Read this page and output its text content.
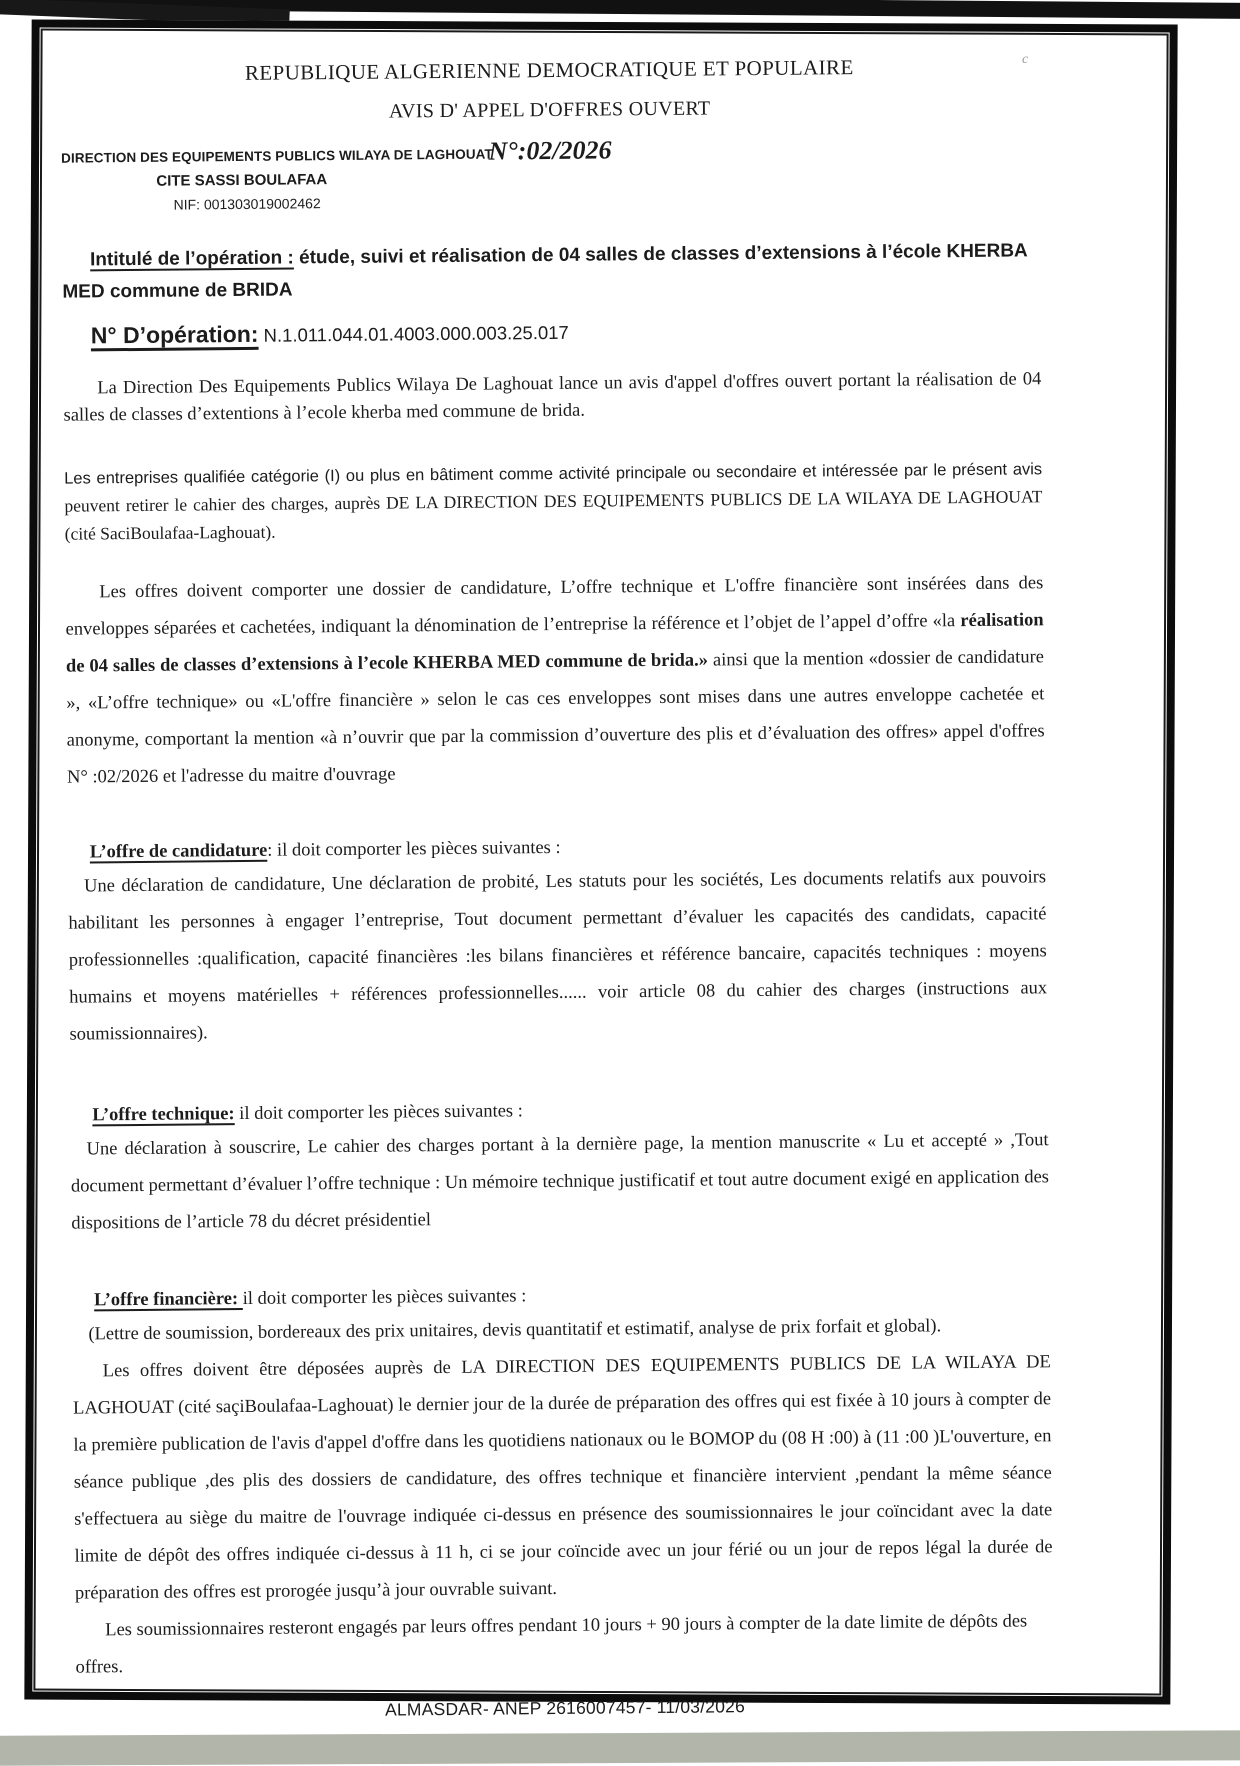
c

REPUBLIQUE ALGERIENNE DEMOCRATIQUE ET POPULAIRE

AVIS D' APPEL D'OFFRES OUVERT

N°:02/2026

DIRECTION DES EQUIPEMENTS PUBLICS WILAYA DE LAGHOUAT
CITE SASSI BOULAFAA
NIF: 001303019002462

Intitulé de l’opération : étude, suivi et réalisation de 04 salles de classes d’extensions à l’école KHERBA MED commune de BRIDA

N° D’opération: N.1.011.044.01.4003.000.003.25.017

La Direction Des Equipements Publics Wilaya De Laghouat lance un avis d'appel d'offres ouvert portant la réalisation de 04 salles de classes d’extentions à l’ecole kherba med commune de brida.

Les entreprises qualifiée catégorie (I) ou plus en bâtiment comme activité principale ou secondaire et intéressée par le présent avis peuvent retirer le cahier des charges, auprès DE LA DIRECTION DES EQUIPEMENTS PUBLICS DE LA WILAYA DE LAGHOUAT (cité SaciBoulafaa-Laghouat).

Les offres doivent comporter une dossier de candidature, L’offre technique et L'offre financière sont insérées dans des enveloppes séparées et cachetées, indiquant la dénomination de l’entreprise la référence et l’objet de l’appel d’offre «la réalisation de 04 salles de classes d’extensions à l’ecole KHERBA MED commune de brida.» ainsi que la mention «dossier de candidature », «L’offre technique» ou «L'offre financière » selon le cas ces enveloppes sont mises dans une autres enveloppe cachetée et anonyme, comportant la mention «à n’ouvrir que par la commission d’ouverture des plis et d’évaluation des offres» appel d'offres N° :02/2026 et l'adresse du maitre d'ouvrage

L’offre de candidature: il doit comporter les pièces suivantes :

Une déclaration de candidature, Une déclaration de probité, Les statuts pour les sociétés, Les documents relatifs aux pouvoirs habilitant les personnes à engager l’entreprise, Tout document permettant d’évaluer les capacités des candidats, capacité professionnelles :qualification, capacité financières :les bilans financières et référence bancaire, capacités techniques : moyens humains et moyens matérielles + références professionnelles...... voir article 08 du cahier des charges (instructions aux soumissionnaires).

L’offre technique: il doit comporter les pièces suivantes :

Une déclaration à souscrire, Le cahier des charges portant à la dernière page, la mention manuscrite « Lu et accepté » ,Tout document permettant d’évaluer l’offre technique : Un mémoire technique justificatif et tout autre document exigé en application des dispositions de l’article 78 du décret présidentiel

L’offre financière: il doit comporter les pièces suivantes :

(Lettre de soumission, bordereaux des prix unitaires, devis quantitatif et estimatif, analyse de prix forfait et global).

Les offres doivent être déposées auprès de LA DIRECTION DES EQUIPEMENTS PUBLICS DE LA WILAYA DE LAGHOUAT (cité saçiBoulafaa-Laghouat) le dernier jour de la durée de préparation des offres qui est fixée à 10 jours à compter de la première publication de l'avis d'appel d'offre dans les quotidiens nationaux ou le BOMOP du (08 H :00) à (11 :00 )L'ouverture, en séance publique ,des plis des dossiers de candidature, des offres technique et financière intervient ,pendant la même séance s'effectuera au siège du maitre de l'ouvrage indiquée ci-dessus en présence des soumissionnaires le jour coïncidant avec la date limite de dépôt des offres indiquée ci-dessus à 11 h, ci se jour coïncide avec un jour férié ou un jour de repos légal la durée de préparation des offres est prorogée jusqu’à jour ouvrable suivant.

Les soumissionnaires resteront engagés par leurs offres pendant 10 jours + 90 jours à compter de la date limite de dépôts des offres.

ALMASDAR- ANEP 2616007457- 11/03/2026
